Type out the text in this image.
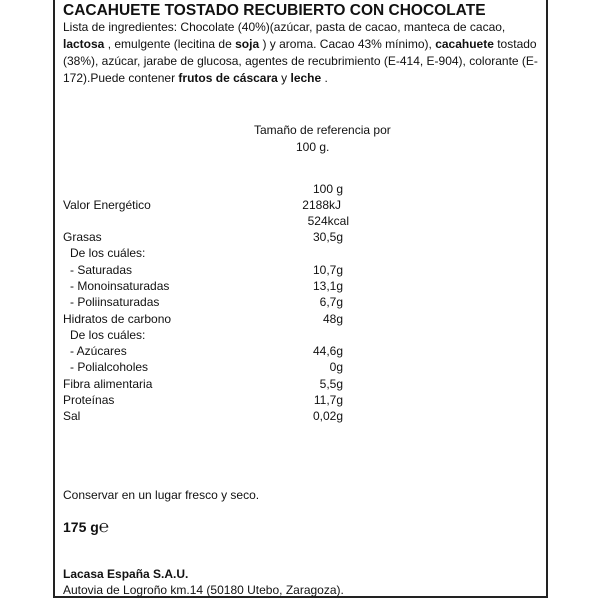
CACAHUETE TOSTADO RECUBIERTO CON CHOCOLATE
Lista de ingredientes: Chocolate (40%)(azúcar, pasta de cacao, manteca de cacao, lactosa , emulgente (lecitina de soja ) y aroma. Cacao 43% mínimo), cacahuete tostado (38%), azúcar, jarabe de glucosa, agentes de recubrimiento (E-414, E-904), colorante (E-172).Puede contener frutos de cáscara y leche .
Tamaño de referencia por
100 g.
100 g
Valor Energético	2188kJ
524kcal
Grasas	30,5g
De los cuáles:
- Saturadas	10,7g
- Monoinsaturadas	13,1g
- Poliinsaturadas	6,7g
Hidratos de carbono	48g
De los cuáles:
- Azúcares	44,6g
- Polialcoholes	0g
Fibra alimentaria	5,5g
Proteínas	11,7g
Sal	0,02g
Conservar en un lugar fresco y seco.
175 g℮
Lacasa España S.A.U.
Autovia de Logroño km.14 (50180 Utebo, Zaragoza).
